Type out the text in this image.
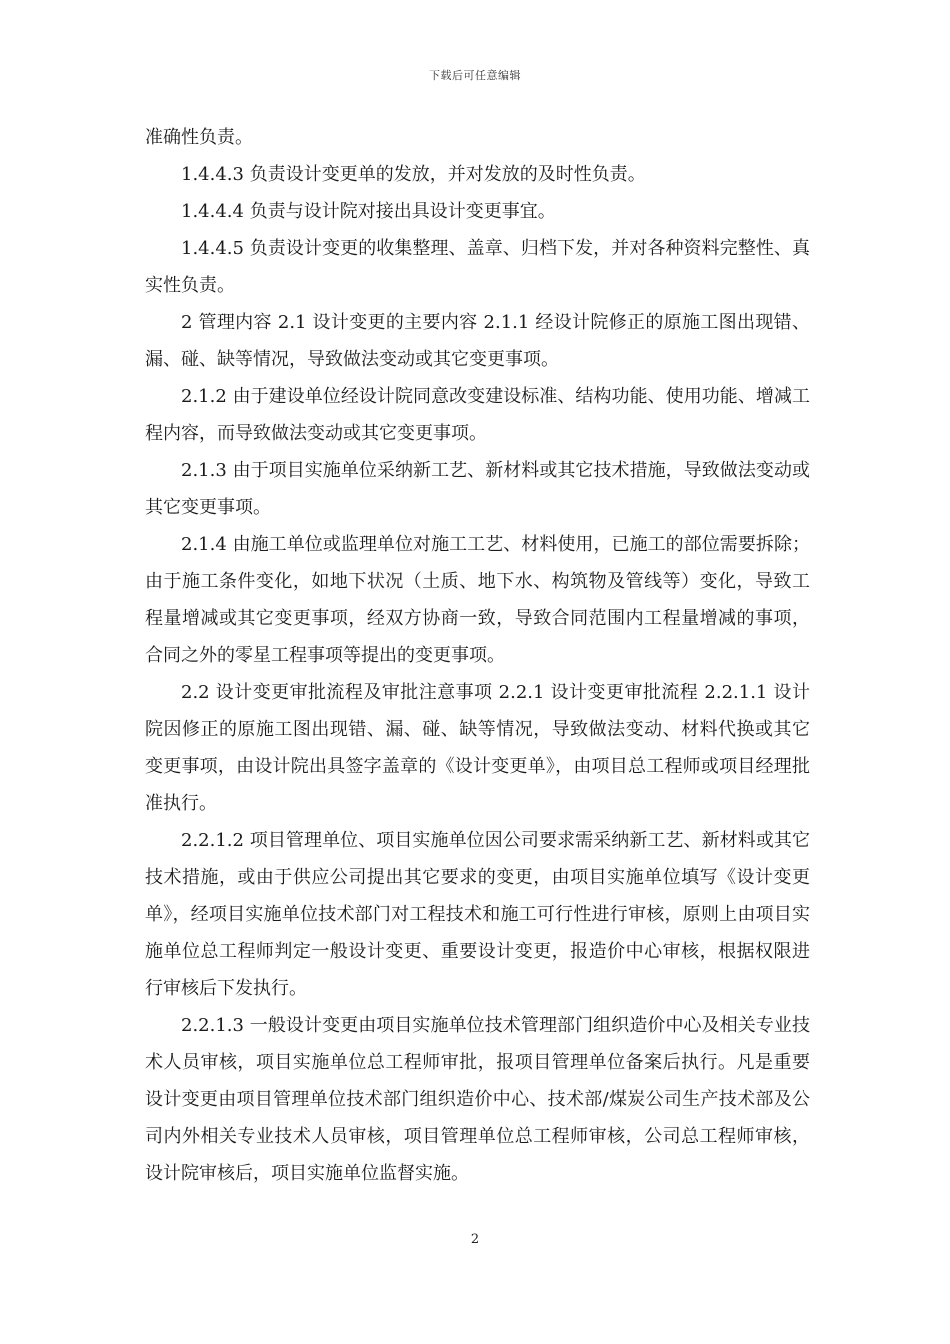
下载后可任意编辑

准确性负责。

1.4.4.3 负责设计变更单的发放，并对发放的及时性负责。

1.4.4.4 负责与设计院对接出具设计变更事宜。

1.4.4.5 负责设计变更的收集整理、盖章、归档下发，并对各种资料完整性、真实性负责。

2 管理内容 2.1 设计变更的主要内容 2.1.1 经设计院修正的原施工图出现错、漏、碰、缺等情况，导致做法变动或其它变更事项。

2.1.2 由于建设单位经设计院同意改变建设标准、结构功能、使用功能、增减工程内容，而导致做法变动或其它变更事项。

2.1.3 由于项目实施单位采纳新工艺、新材料或其它技术措施，导致做法变动或其它变更事项。

2.1.4 由施工单位或监理单位对施工工艺、材料使用，已施工的部位需要拆除；由于施工条件变化，如地下状况（土质、地下水、构筑物及管线等）变化，导致工程量增减或其它变更事项，经双方协商一致，导致合同范围内工程量增减的事项，合同之外的零星工程事项等提出的变更事项。

2.2 设计变更审批流程及审批注意事项 2.2.1 设计变更审批流程 2.2.1.1 设计院因修正的原施工图出现错、漏、碰、缺等情况，导致做法变动、材料代换或其它变更事项，由设计院出具签字盖章的《设计变更单》，由项目总工程师或项目经理批准执行。

2.2.1.2 项目管理单位、项目实施单位因公司要求需采纳新工艺、新材料或其它技术措施，或由于供应公司提出其它要求的变更，由项目实施单位填写《设计变更单》，经项目实施单位技术部门对工程技术和施工可行性进行审核，原则上由项目实施单位总工程师判定一般设计变更、重要设计变更，报造价中心审核，根据权限进行审核后下发执行。

2.2.1.3 一般设计变更由项目实施单位技术管理部门组织造价中心及相关专业技术人员审核，项目实施单位总工程师审批，报项目管理单位备案后执行。凡是重要设计变更由项目管理单位技术部门组织造价中心、技术部/煤炭公司生产技术部及公司内外相关专业技术人员审核，项目管理单位总工程师审核，公司总工程师审核，设计院审核后，项目实施单位监督实施。

2
